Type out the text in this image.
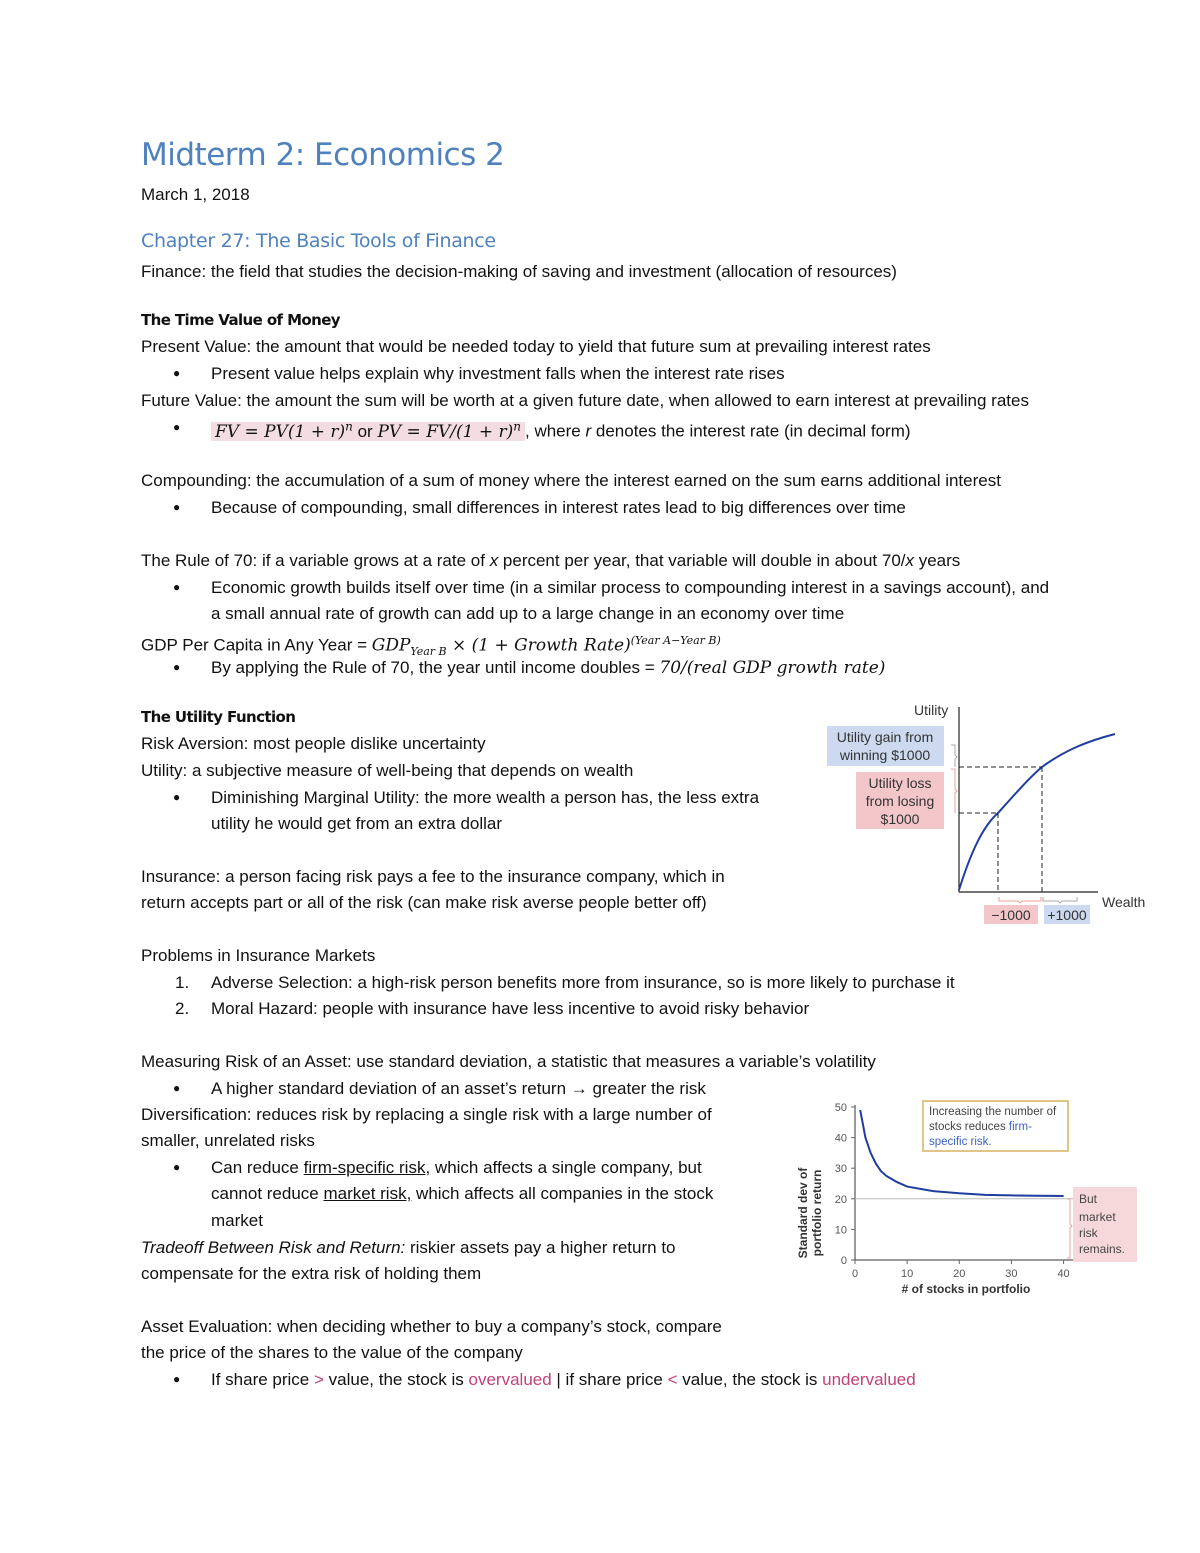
Midterm 2: Economics 2
March 1, 2018
Chapter 27: The Basic Tools of Finance
Finance: the field that studies the decision-making of saving and investment (allocation of resources)
The Time Value of Money
Present Value: the amount that would be needed today to yield that future sum at prevailing interest rates
● Present value helps explain why investment falls when the interest rate rises
Future Value: the amount the sum will be worth at a given future date, when allowed to earn interest at prevailing rates
● FV = $PV(1 + r)^n$ or PV = $FV/(1 + r)^n$ , where r denotes the interest rate (in decimal form)
Compounding: the accumulation of a sum of money where the interest earned on the sum earns additional interest
● Because of compounding, small differences in interest rates lead to big differences over time
The Rule of 70: if a variable grows at a rate of x percent per year, that variable will double in about 70/x years
● Economic growth builds itself over time (in a similar process to compounding interest in a savings account), and
a small annual rate of growth can add up to a large change in an economy over time
GDP Per Capita in Any Year = $GDP_{Year B} \times (1$ + Growth Rate)$^{(Year A-Year B)}$
● By applying the Rule of 70, the year until income doubles = 70/(real GDP growth rate)
The Utility Function
Risk Aversion: most people dislike uncertainty
Utility: a subjective measure of well-being that depends on wealth
● Diminishing Marginal Utility: the more wealth a person has, the less extra
utility he would get from an extra dollar
Insurance: a person facing risk pays a fee to the insurance company, which in
return accepts part or all of the risk (can make risk averse people better off)
Problems in Insurance Markets
1. Adverse Selection: a high-risk person benefits more from insurance, so is more likely to purchase it
2. Moral Hazard: people with insurance have less incentive to avoid risky behavior
Measuring Risk of an Asset: use standard deviation, a statistic that measures a variable’s volatility
● A higher standard deviation of an asset’s return → greater the risk
Diversification: reduces risk by replacing a single risk with a large number of
smaller, unrelated risks
● Can reduce firm-specific risk, which affects a single company, but
cannot reduce market risk, which affects all companies in the stock
market
Tradeoff Between Risk and Return: riskier assets pay a higher return to
compensate for the extra risk of holding them
Asset Evaluation: when deciding whether to buy a company’s stock, compare
the price of the shares to the value of the company
● If share price > value, the stock is overvalued | if share price < value, the stock is undervalued
Utility
Wealth
Utility gain from
winning $1000
Utility loss
from losing
$1000
−1000 +1000
Standard dev of portfolio return
0
10
20
30
40
50
0	10	20	30	40
# of stocks in portfolio
Increasing the number of
stocks reduces firm-
specific risk.
But
market
risk
remains.
